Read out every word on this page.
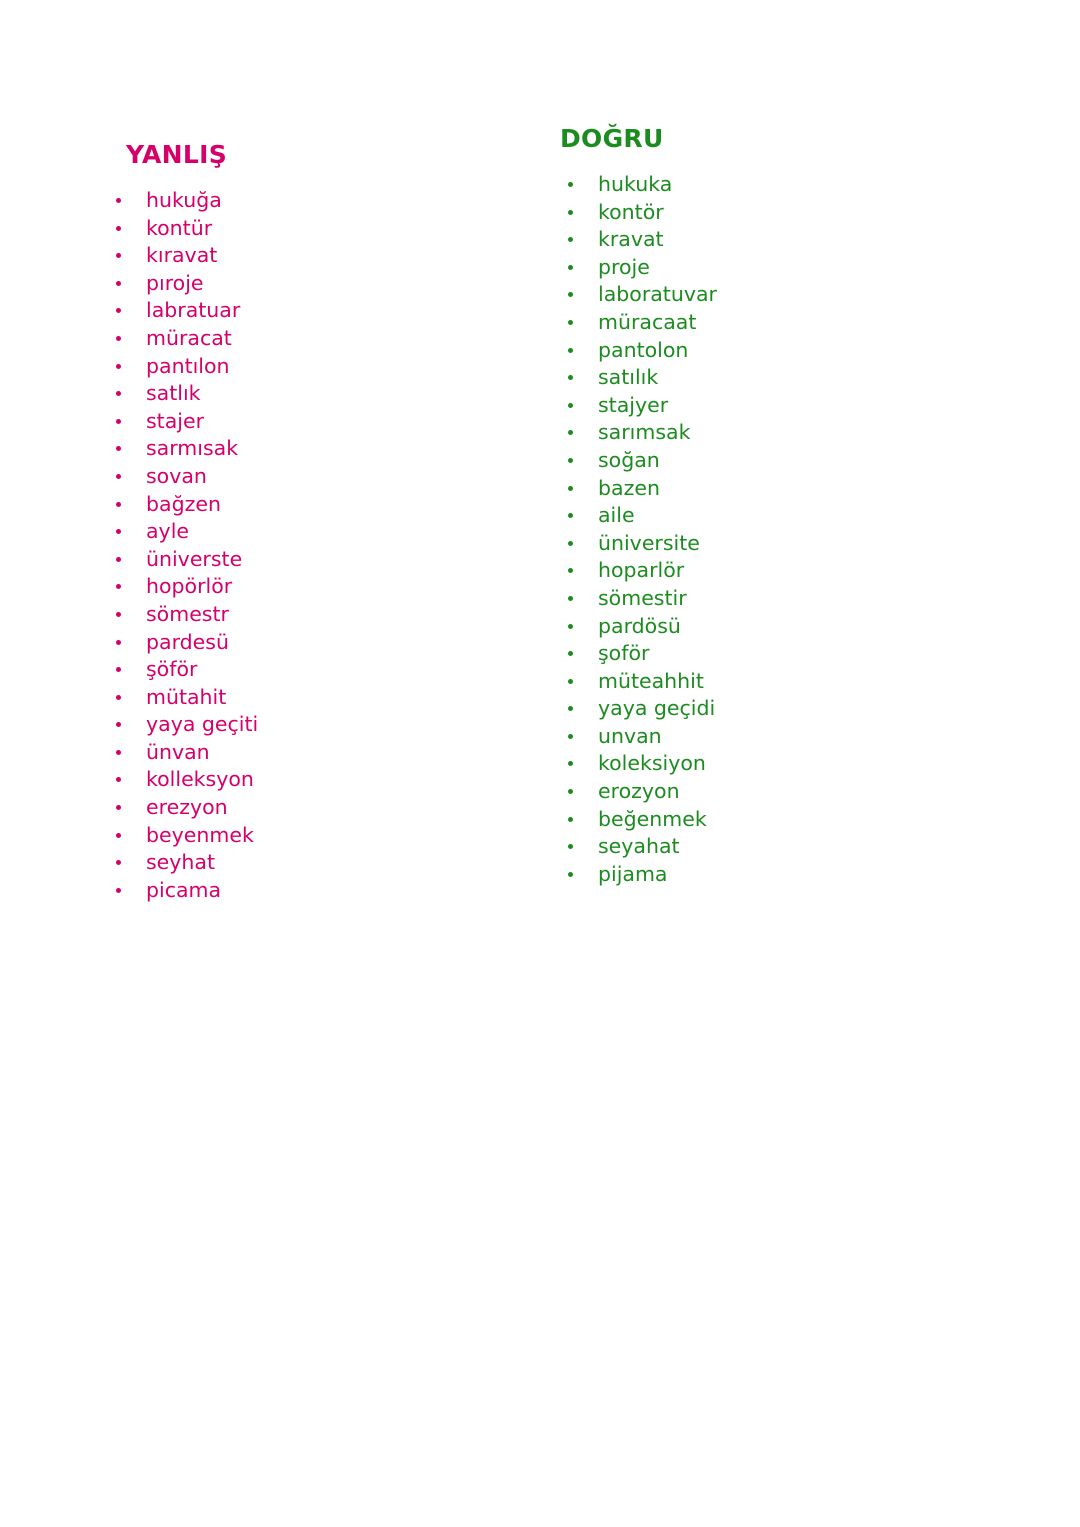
YANLIŞ
hukuğa
kontür
kıravat
pıroje
labratuar
müracat
pantılon
satlık
stajer
sarmısak
sovan
bağzen
ayle
üniverste
hopörlör
sömestr
pardesü
şöför
mütahit
yaya geçiti
ünvan
kolleksyon
erezyon
beyenmek
seyhat
picama
DOĞRU
hukuka
kontör
kravat
proje
laboratuvar
müracaat
pantolon
satılık
stajyer
sarımsak
soğan
bazen
aile
üniversite
hoparlör
sömestir
pardösü
şoför
müteahhit
yaya geçidi
unvan
koleksiyon
erozyon
beğenmek
seyahat
pijama
